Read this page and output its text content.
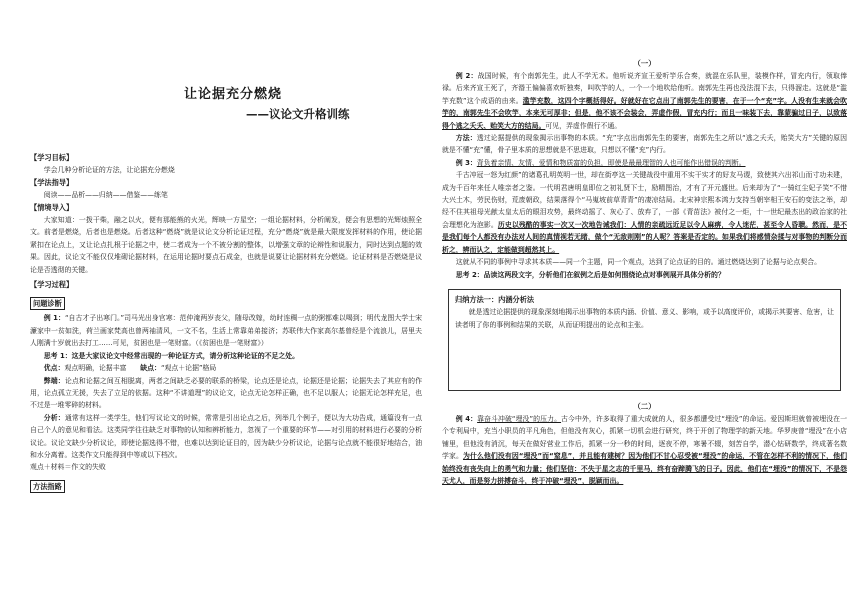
让论据充分燃烧
——议论文升格训练

【学习目标】

学会几种分析论证的方法，让论据充分燃烧

【学法指导】

阅读——品析——归纳——借鉴——练笔

【情境导入】

大家知道：一拨干柴，融之以火，便有那能熊的火光，辉映一方星空；一组论据材料，分析阐发，便会有思想的光辉烛照全文。前者是燃烧，后者也是燃烧。后者这种“燃烧”就是议论文分析论证过程，充分“燃烧”就是最大限度发挥材料的作用，使论据紧扣在论点上，又让论点扎根于论据之中，使二者成为一个不被分割的整体，以增强文章的论辩性和说服力，同时达到点题的效果。因此，议论文不能仅仅堆砌论据材料，在运用论据时要点石成金，也就是说要让论据材料充分燃烧。论证材料是否燃烧是议论是否透彻的关键。

【学习过程】

问题诊断

例 1：“自古才子出寒门。”司马光出身官寒：范仲淹两岁丧父，随母改嫁，幼时连稠一点的粥都难以喝到；明代龙图大学士宋濂家中一贫如洗，荷兰画家梵高也曾两袖清风，一文不名，生活上常靠弟弟接济；苏联伟大作家高尔基曾经是个流浪儿，居里夫人刚满十岁就出去打工……可见，贫困也是一笔财富。（《贫困也是一笔财富》）

思考 1：这是大家议论文中经常出现的一种论证方式，请分析这种论证的不足之处。

优点：观点明确，论据丰富   缺点：“观点＋论据”格局

弊端：论点和论据之间互相脱离，两者之间缺乏必要的联系的桥梁，论点还是论点，论据还是论据；论据失去了其应有的作用，论点孤立无援，失去了立足的依据。这种“不讲道理”的议论文，论点无论怎样正确，也不足以服人；论据无论怎样充足，也不过是一堆零碎的材料。

分析：通常有这样一类学生，他们写议论文的时候，常常是引出论点之后，列举几个例子，便以为大功告成，通篇没有一点自己个人的意见和看法。这类同学往往缺乏对事物的认知和辨析能力，忽视了一个重要的环节——对引用的材料进行必要的分析议论。议论文缺少分析议论，即使论据选得不错，也难以达到论证目的，因为缺少分析议论，论据与论点就不能很好地结合，油和水分离着。这类作文只能得到中等或以下档次。

观点＋材料＝作文的失败

方法指路

（一）

例 2：战国时候，有个南郭先生，此人不学无术。他听说齐宣王爱听竽乐合奏，就混在乐队里，装模作样，冒充内行，领取俸禄。后来齐宣王死了，齐湣王偏偏喜欢听独奏，叫吹竽的人，一个一个地吹给他听。南郭先生再也没法混下去，只得溜走。这就是“滥竽充数”这个成语的由来。滥竽充数，这四个字概括得好。好就好在它点出了南郭先生的要害，在于一个“充”字。人没有生来就会吹竽的，南郭先生不会吹竽，本来无可厚非；但是，他不该不会装会，弄虚作假，冒充内行；而且一味装下去，靠蒙骗过日子，以致落得个逃之夭夭、贻笑大方的结局。可见，弄虚作假行不通。

方法：透过论据提供的现象揭示出事物的本质。“充”字点出南郭先生的要害，南郭先生之所以“逃之夭夭，贻笑大方”关键的原因就是不懂“充”懂，骨子里本质的思想就是不思进取，只想以不懂“充”内行。

例 3：背负着亲情、友情、爱情和物质富的负担，即使是最最理智的人也可能作出错误的判断。

千古冲冠一怒为红颜”的诸葛孔明英明一世，却在街亭这一关键战役中重用不实干实才的好友马谡，致使其六出祁山而寸功未建，成为千百年来任人唯亲者之鉴。一代明君唐明皇即位之初礼贤下士，励精图治，才有了开元盛世。后来却为了“一骑红尘妃子笑”不惜大兴土木，劳民伤财，荒废朝政，结果落得个“马嵬坡前草青青”的凄凉结局。北宋神宗熙本鸿力支持当朝宰相王安石的变法之举，却经不住其祖母光献太皇太后的眼泪攻势，最终动摇了、灰心了、放弃了，一部《青苗法》被付之一炬，十一世纪最杰出的政治家的社会理想化为泡影。历史以残酷的事实一次又一次地告诫我们：人情的亲疏远近足以令人麻痹，令人迷茫，甚至令人昏聩。然而，是不是我们每个人都没有办法对人间的真情视若无睹，做个“无敌则刚”的人呢？答案是否定的。如果我们将感情杂揉与对事物的判断分而析之，辨而认之，定能做到超然其上。

这就从不同的事例中寻求其本质——同一个主题，同一个观点，达到了论点证的目的。通过燃烧达到了论据与论点契合。

思考 2：品读这两段文字，分析他们在叙例之后是如何围绕论点对事例展开具体分析的？

归纳方法一：内涵分析法

就是透过论据提供的现象深刻地揭示出事物的本质内涵、价值、意义、影响，或予以高度评价，或揭示其要害、危害，让读者明了你的事例和结果的关联，从而证明提出的论点和主张。

（二）

例 4：靠奋斗冲破“埋没”的压力。古今中外，许多取得了重大成就的人，很多都遭受过“埋没”的命运。爱因斯坦就曾被埋没在一个专利局中，充当小职员的平凡角色，但他没有灰心，抓紧一切机会进行研究，终于开创了物理学的新天地。华罗庚曾“埋没”在小店铺里，但他没有消沉，每天在做好营业工作后，抓紧一分一秒的时间，逐夜不停，寒暑不辍，刻苦自学，潜心钻研数学，终成著名数学家。为什么他们没有因“埋没”而“窒息”，并且能有建树？因为他们不甘心忍受被“埋没”的命运，不管在怎样不利的情况下，他们始终没有丧失向上的勇气和力量；他们坚信：不失于星之志的千里马，终有奋蹄腾飞的日子。因此，他们在“埋没”的情况下，不是怨天尤人，而是努力拼搏奋斗，终于冲破“埋没”，脱颖而出。
